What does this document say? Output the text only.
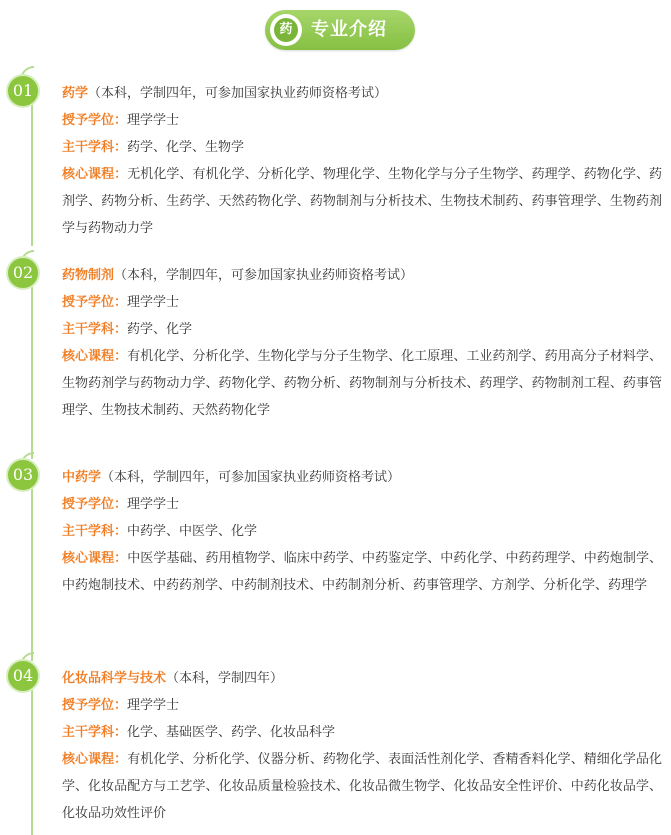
药	专业介绍
01
02
03
04

药学（本科，学制四年，可参加国家执业药师资格考试）

授予学位：理学学士

主干学科：药学、化学、生物学

核心课程：无机化学、有机化学、分析化学、物理化学、生物化学与分子生物学、药理学、药物化学、药剂学、药物分析、生药学、天然药物化学、药物制剂与分析技术、生物技术制药、药事管理学、生物药剂学与药物动力学

药物制剂（本科，学制四年，可参加国家执业药师资格考试）

授予学位：理学学士

主干学科：药学、化学

核心课程：有机化学、分析化学、生物化学与分子生物学、化工原理、工业药剂学、药用高分子材料学、生物药剂学与药物动力学、药物化学、药物分析、药物制剂与分析技术、药理学、药物制剂工程、药事管理学、生物技术制药、天然药物化学

中药学（本科，学制四年，可参加国家执业药师资格考试）

授予学位：理学学士

主干学科：中药学、中医学、化学

核心课程：中医学基础、药用植物学、临床中药学、中药鉴定学、中药化学、中药药理学、中药炮制学、中药炮制技术、中药药剂学、中药制剂技术、中药制剂分析、药事管理学、方剂学、分析化学、药理学

化妆品科学与技术（本科，学制四年）

授予学位：理学学士

主干学科：化学、基础医学、药学、化妆品科学

核心课程：有机化学、分析化学、仪器分析、药物化学、表面活性剂化学、香精香料化学、精细化学品化学、化妆品配方与工艺学、化妆品质量检验技术、化妆品微生物学、化妆品安全性评价、中药化妆品学、化妆品功效性评价
